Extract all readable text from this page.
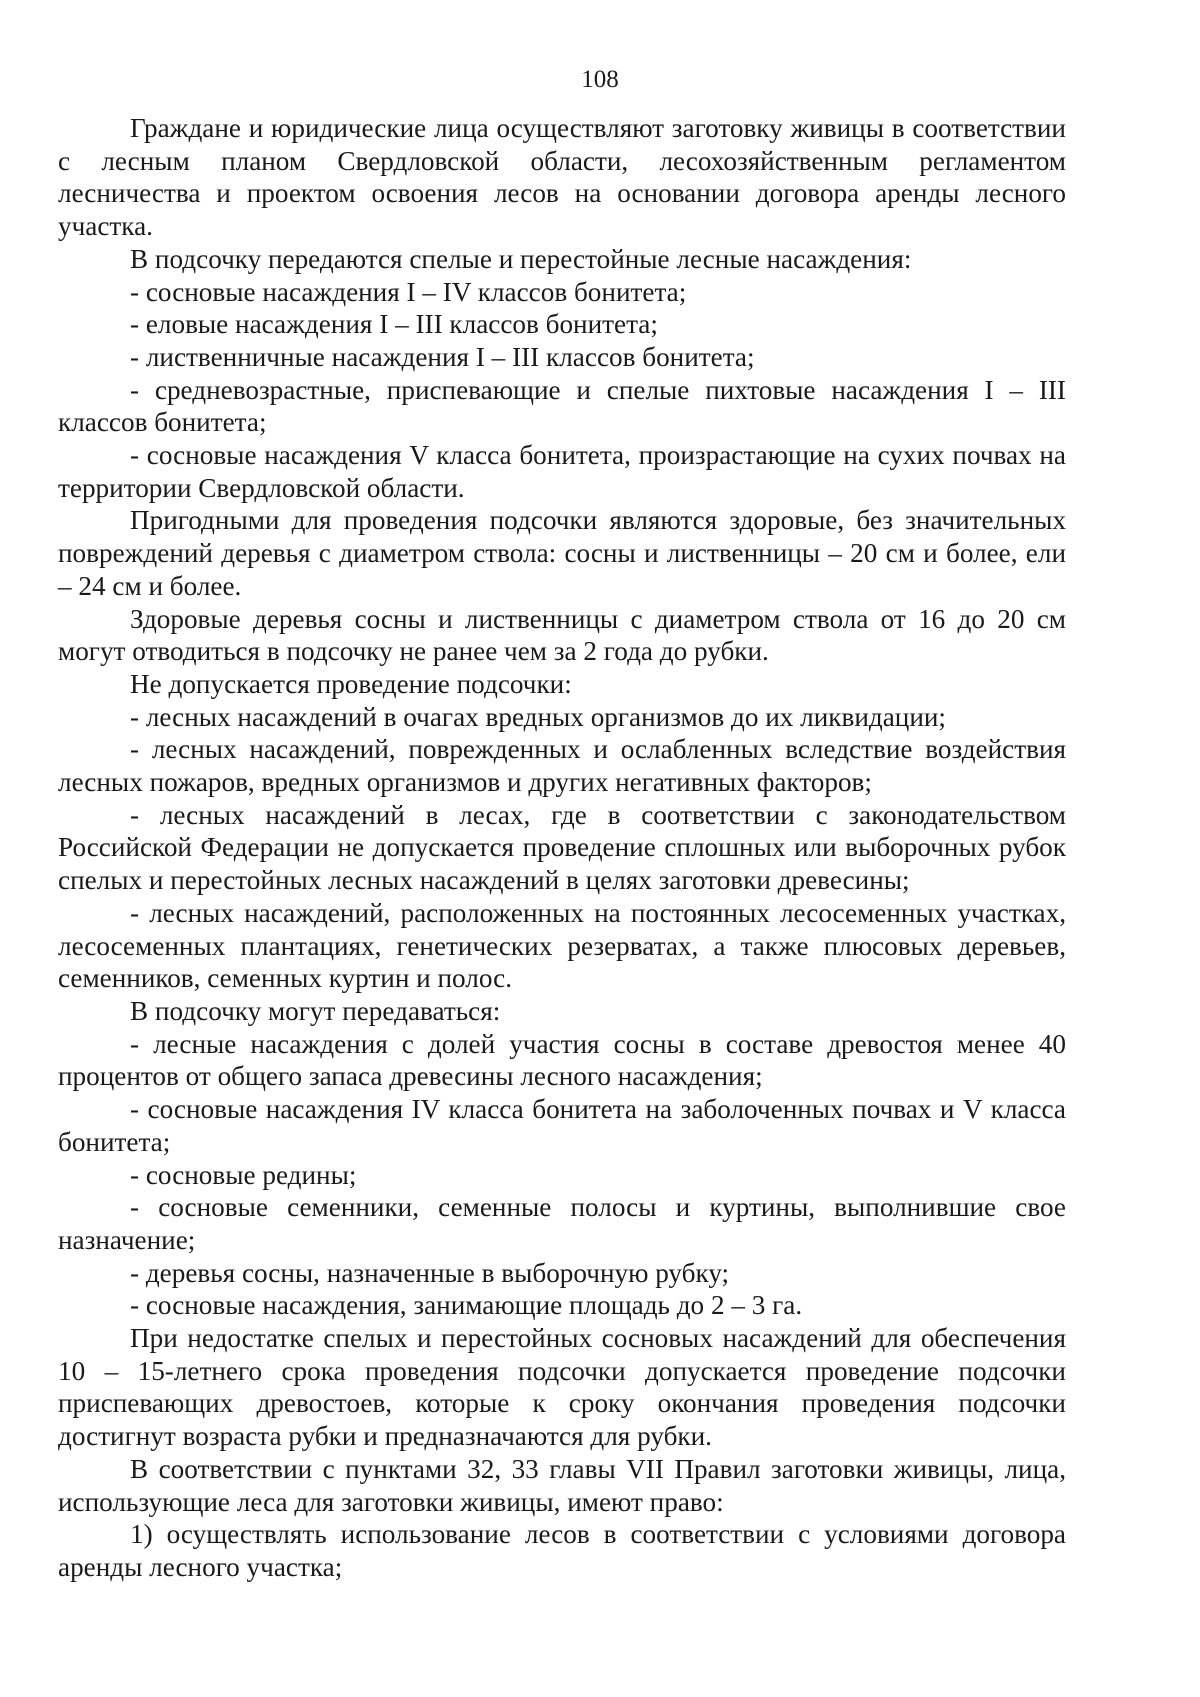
108

Граждане и юридические лица осуществляют заготовку живицы в соответствии с лесным планом Свердловской области, лесохозяйственным регламентом лесничества и проектом освоения лесов на основании договора аренды лесного участка.

В подсочку передаются спелые и перестойные лесные насаждения:

- сосновые насаждения I – IV классов бонитета;

- еловые насаждения I – III классов бонитета;

- лиственничные насаждения I – III классов бонитета;

- средневозрастные, приспевающие и спелые пихтовые насаждения I – III классов бонитета;

- сосновые насаждения V класса бонитета, произрастающие на сухих почвах на территории Свердловской области.

Пригодными для проведения подсочки являются здоровые, без значительных повреждений деревья с диаметром ствола: сосны и лиственницы – 20 см и более, ели – 24 см и более.

Здоровые деревья сосны и лиственницы с диаметром ствола от 16 до 20 см могут отводиться в подсочку не ранее чем за 2 года до рубки.

Не допускается проведение подсочки:

- лесных насаждений в очагах вредных организмов до их ликвидации;

- лесных насаждений, поврежденных и ослабленных вследствие воздействия лесных пожаров, вредных организмов и других негативных факторов;

- лесных насаждений в лесах, где в соответствии с законодательством Российской Федерации не допускается проведение сплошных или выборочных рубок спелых и перестойных лесных насаждений в целях заготовки древесины;

- лесных насаждений, расположенных на постоянных лесосеменных участках, лесосеменных плантациях, генетических резерватах, а также плюсовых деревьев, семенников, семенных куртин и полос.

В подсочку могут передаваться:

- лесные насаждения с долей участия сосны в составе древостоя менее 40 процентов от общего запаса древесины лесного насаждения;

- сосновые насаждения IV класса бонитета на заболоченных почвах и V класса бонитета;

- сосновые редины;

- сосновые семенники, семенные полосы и куртины, выполнившие свое назначение;

- деревья сосны, назначенные в выборочную рубку;

- сосновые насаждения, занимающие площадь до 2 – 3 га.

При недостатке спелых и перестойных сосновых насаждений для обеспечения 10 – 15-летнего срока проведения подсочки допускается проведение подсочки приспевающих древостоев, которые к сроку окончания проведения подсочки достигнут возраста рубки и предназначаются для рубки.

В соответствии с пунктами 32, 33 главы VII Правил заготовки живицы, лица, использующие леса для заготовки живицы, имеют право:

1) осуществлять использование лесов в соответствии с условиями договора аренды лесного участка;
